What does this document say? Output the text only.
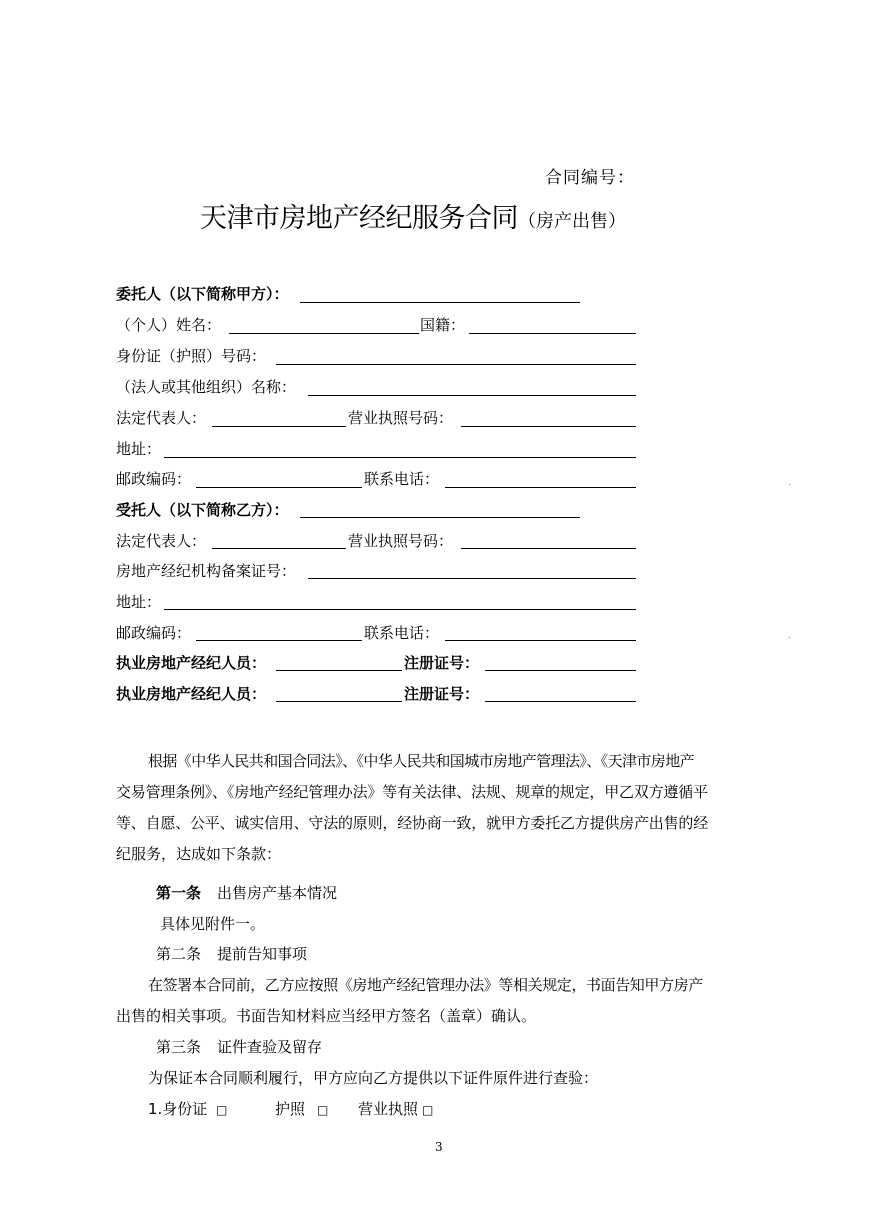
合同编号：
天津市房地产经纪服务合同（房产出售）
委托人（以下简称甲方）：
（个人）姓名：	国籍：
身份证（护照）号码：
（法人或其他组织）名称：
法定代表人：	营业执照号码：
地址：
邮政编码：	联系电话：
受托人（以下简称乙方）：
法定代表人：	营业执照号码：
房地产经纪机构备案证号：
地址：
邮政编码：	联系电话：
执业房地产经纪人员：	注册证号：
执业房地产经纪人员：	注册证号：
根据《中华人民共和国合同法》、《中华人民共和国城市房地产管理法》、《天津市房地产
交易管理条例》、《房地产经纪管理办法》等有关法律、法规、规章的规定，甲乙双方遵循平
等、自愿、公平、诚实信用、守法的原则，经协商一致，就甲方委托乙方提供房产出售的经
纪服务，达成如下条款：
第一条 出售房产基本情况
具体见附件一。
第二条 提前告知事项
在签署本合同前，乙方应按照《房地产经纪管理办法》等相关规定，书面告知甲方房产
出售的相关事项。书面告知材料应当经甲方签名（盖章）确认。
第三条 证件查验及留存
为保证本合同顺利履行，甲方应向乙方提供以下证件原件进行查验：
1.身份证 □	护照 □ 营业执照 □
3
